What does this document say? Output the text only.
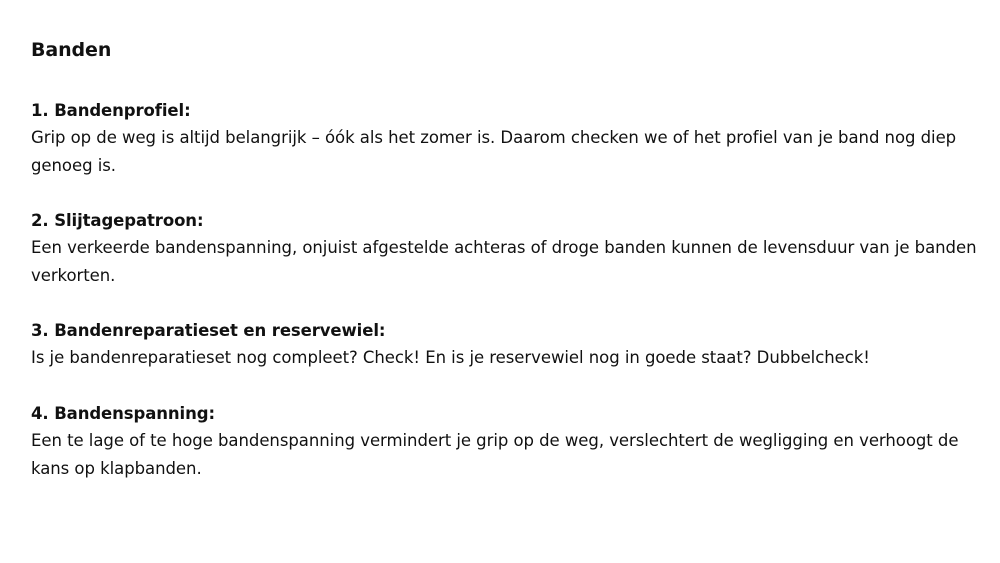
Banden
1. Bandenprofiel:
Grip op de weg is altijd belangrijk – óók als het zomer is. Daarom checken we of het profiel van je band nog diep genoeg is.
2. Slijtagepatroon:
Een verkeerde bandenspanning, onjuist afgestelde achteras of droge banden kunnen de levensduur van je banden verkorten.
3. Bandenreparatieset en reservewiel:
Is je bandenreparatieset nog compleet? Check! En is je reservewiel nog in goede staat? Dubbelcheck!
4. Bandenspanning:
Een te lage of te hoge bandenspanning vermindert je grip op de weg, verslechtert de wegligging en verhoogt de kans op klapbanden.
